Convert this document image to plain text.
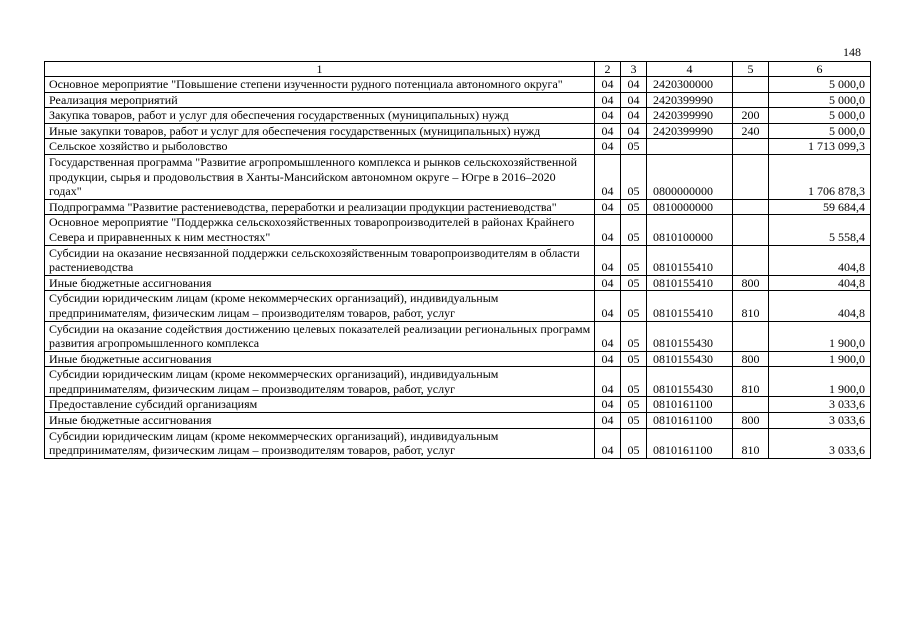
148
1	2	3	4	5	6
Основное мероприятие "Повышение степени изученности рудного потенциала автономного округа"	04	04	2420300000		5 000,0
Реализация мероприятий	04	04	2420399990		5 000,0
Закупка товаров, работ и услуг для обеспечения государственных (муниципальных) нужд	04	04	2420399990	200	5 000,0
Иные закупки товаров, работ и услуг для обеспечения государственных (муниципальных) нужд	04	04	2420399990	240	5 000,0
Сельское хозяйство и рыболовство	04	05			1 713 099,3
Государственная программа "Развитие агропромышленного комплекса и рынков сельскохозяйственной продукции, сырья и продовольствия в Ханты-Мансийском автономном округе – Югре в 2016–2020 годах"	04	05	0800000000		1 706 878,3
Подпрограмма "Развитие растениеводства, переработки и реализации продукции растениеводства"	04	05	0810000000		59 684,4
Основное мероприятие "Поддержка сельскохозяйственных товаропроизводителей в районах Крайнего Севера и приравненных к ним местностях"	04	05	0810100000		5 558,4
Субсидии на оказание несвязанной поддержки сельскохозяйственным товаропроизводителям в области растениеводства	04	05	0810155410		404,8
Иные бюджетные ассигнования	04	05	0810155410	800	404,8
Субсидии юридическим лицам (кроме некоммерческих организаций), индивидуальным предпринимателям, физическим лицам – производителям товаров, работ, услуг	04	05	0810155410	810	404,8
Субсидии на оказание содействия достижению целевых показателей реализации региональных программ развития агропромышленного комплекса	04	05	0810155430		1 900,0
Иные бюджетные ассигнования	04	05	0810155430	800	1 900,0
Субсидии юридическим лицам (кроме некоммерческих организаций), индивидуальным предпринимателям, физическим лицам – производителям товаров, работ, услуг	04	05	0810155430	810	1 900,0
Предоставление субсидий организациям	04	05	0810161100		3 033,6
Иные бюджетные ассигнования	04	05	0810161100	800	3 033,6
Субсидии юридическим лицам (кроме некоммерческих организаций), индивидуальным предпринимателям, физическим лицам – производителям товаров, работ, услуг	04	05	0810161100	810	3 033,6
